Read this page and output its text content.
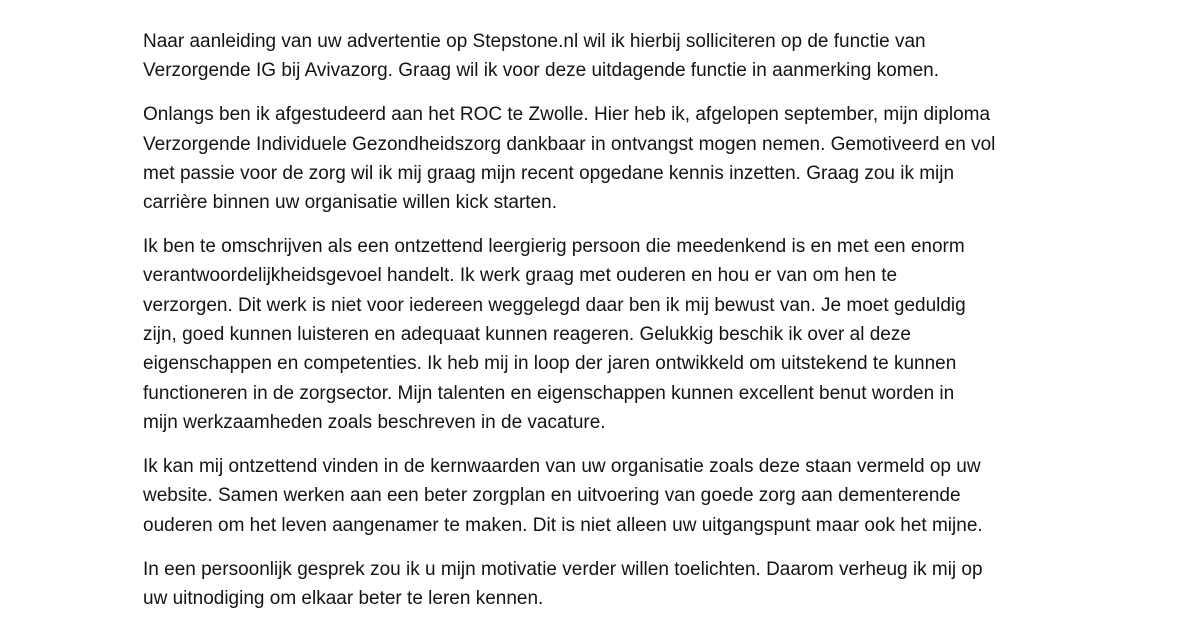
Naar aanleiding van uw advertentie op Stepstone.nl wil ik hierbij solliciteren op de functie van
Verzorgende IG bij Avivazorg. Graag wil ik voor deze uitdagende functie in aanmerking komen.
Onlangs ben ik afgestudeerd aan het ROC te Zwolle. Hier heb ik, afgelopen september, mijn diploma
Verzorgende Individuele Gezondheidszorg dankbaar in ontvangst mogen nemen. Gemotiveerd en vol
met passie voor de zorg wil ik mij graag mijn recent opgedane kennis inzetten. Graag zou ik mijn
carrière binnen uw organisatie willen kick starten.
Ik ben te omschrijven als een ontzettend leergierig persoon die meedenkend is en met een enorm
verantwoordelijkheidsgevoel handelt. Ik werk graag met ouderen en hou er van om hen te
verzorgen. Dit werk is niet voor iedereen weggelegd daar ben ik mij bewust van. Je moet geduldig
zijn, goed kunnen luisteren en adequaat kunnen reageren. Gelukkig beschik ik over al deze
eigenschappen en competenties. Ik heb mij in loop der jaren ontwikkeld om uitstekend te kunnen
functioneren in de zorgsector. Mijn talenten en eigenschappen kunnen excellent benut worden in
mijn werkzaamheden zoals beschreven in de vacature.
Ik kan mij ontzettend vinden in de kernwaarden van uw organisatie zoals deze staan vermeld op uw
website. Samen werken aan een beter zorgplan en uitvoering van goede zorg aan dementerende
ouderen om het leven aangenamer te maken. Dit is niet alleen uw uitgangspunt maar ook het mijne.
In een persoonlijk gesprek zou ik u mijn motivatie verder willen toelichten. Daarom verheug ik mij op
uw uitnodiging om elkaar beter te leren kennen.
